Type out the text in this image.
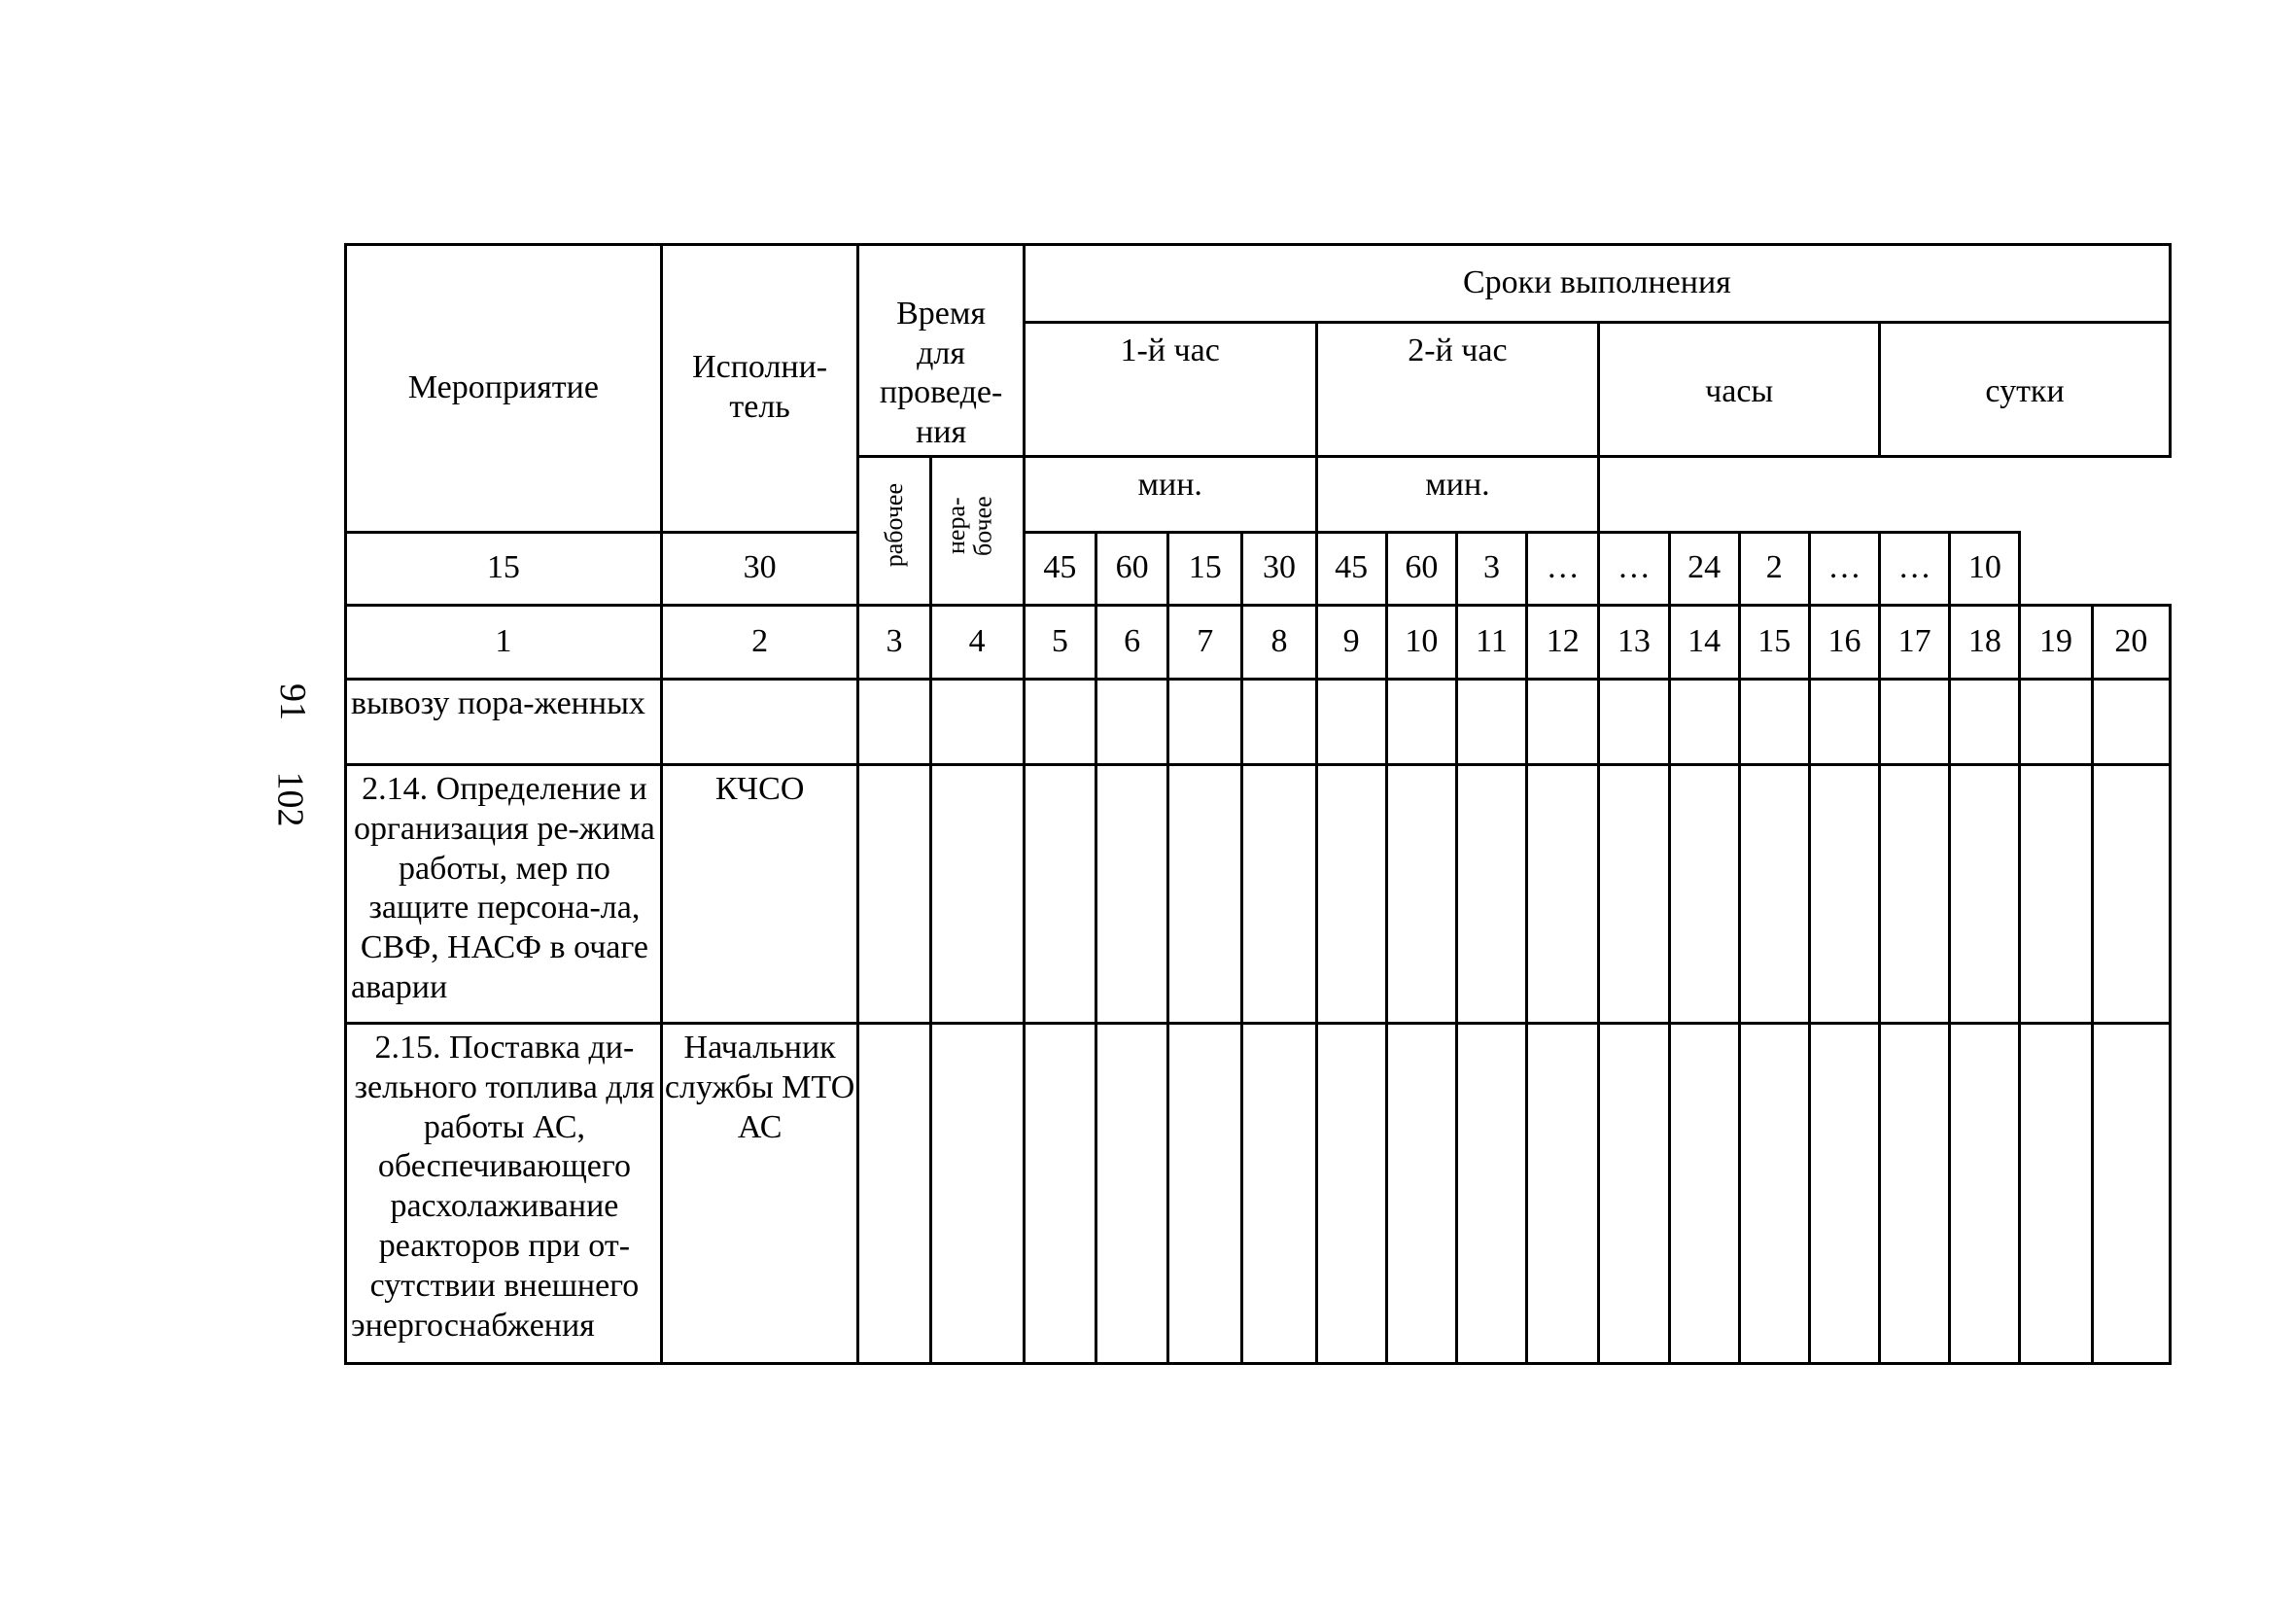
91
102
Мероприятие	Исполни-тель	Время для проведе-ния		Сроки выполнения															
				1-й час				2-й час				часы				сутки			

		рабочее	нера-бочее	мин.				мин.											
15	30			45	60	15	30	45	60	3	…	…	24	2	…	…	10		
1	2	3	4	5	6	7	8	9	10	11	12	13	14	15	16	17	18	19	20
вывозу пора-женных																			
2.14. Определение и организация ре-жима работы, мер по защите персона-ла, СВФ, НАСФ в очаге аварии	КЧСО																		
2.15. Поставка ди-зельного топлива для работы АС, обеспечивающего расхолаживание реакторов при от-сутствии внешнего энергоснабжения	Начальник службы МТО АС																		
